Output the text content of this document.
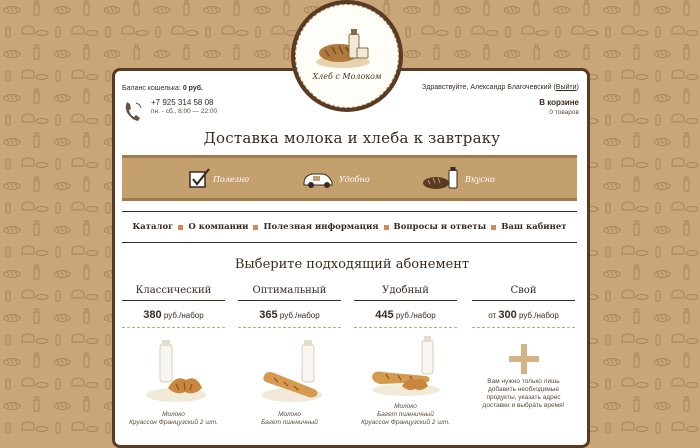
Хлеб с Молоком
Баланс кошелька: 0 руб.
+7 925 314 58 08
пн. - сб., 8:00 — 22:00
Здравствуйте, Александр Благочевский (Выйти)
В корзине
0 товаров
Доставка молока и хлеба к завтраку
Полезно	Удобно	Вкусно
Каталог О компании Полезная информация Вопросы и ответы Ваш кабинет
Выберите подходящий абонемент
Классический
380 руб./набор
Оптимальный
365 руб./набор
Удобный
445 руб./набор
Свой
от 300 руб./набор
Молоко
Круассон Французский 2 шт.
Молоко
Багет пшеничный
Молоко
Багет пшеничный
Круассон Французский 2 шт.
Вам нужно только лишь
добавить необходимые
продукты, указать адрес
доставки и выбрать время!
